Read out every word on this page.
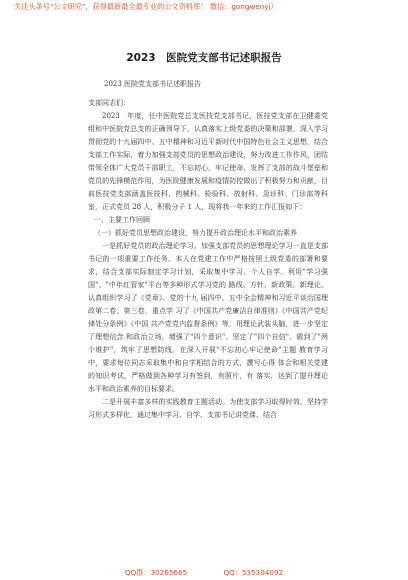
关注头条号"公文研究"，获得最新最全最专业的公文资料库！ 微信：gongwenyj）
2023　医院党支部书记述职报告

2023 医院党支部书记述职报告

支部同志们：

2023　年度，任中医院党总支医技党支部书记，医技党支部在卫健委党组和中医院党总支的正确领导下，认真落实上级党委的决策和部署，深入学习贯彻党的十九届四中、五中精神和习近平新时代中国特色社会主义思想，结合支部工作实际，着力加强支部党员的思想政治建设，努力改进工作作风，团结带领全体广大党员干部职工，不忘初心，牢记使命，发挥了支部的战斗堡垒和党员的先锋模范作用，为医院健康发展和疫情防控做出了积极努力和贡献，目前医技党支部涵盖医技科、药械科、检验科、放射科、急诊科、门诊部等科室，正式党员 28 人，积极分子 1 人，现将我一年来的工作汇报如下：

一、主要工作回顾

（一）抓好党员思想政治建设，努力提升政治理论水平和政治素养

一是抓好党员的政治理论学习。加强支部党员的思想理论学习一直是支部书记的一项重要工作任务。本人在党建工作中严格按照上级党委的部署和要求，结合支部实际制定学习计划，采取集中学习、个人自学、利用"学习强国"、"中年红管家"平台等多种形式学习党的 路线、方针、新政策、新理论。认真组织学习了《党章》、党的十九 届四中、五中全会精神和习近平谈治国理政第二卷、第三卷，重点学 习了《中国共产党廉洁自律准则》《中国共产党纪律处分条例》《中国 共产党党内监督条例》等，用理论武装头脑，进一步坚定了理想信念 和政治立场，增强了"四个意识"、坚定了"四个自信"、做到了"两 个维护"，筑牢了思想防线。在深入开展"不忘初心牢记使命"主题 教育学习中，要求每位同志采取集中和自学相结合的方式，撰写心得 体会和相关党建的知识考试，严格做到各种学习有签到，有照片，有 落实，达到了提升理论水平和政治素养的目标要求。

二是开展丰富多样的实践教育主题活动。为使支部学习取得时效，坚持学习形式多样化，通过集中学习、自学、支部书记讲党课、结合

QQ群：30265665	QQ：535304092
